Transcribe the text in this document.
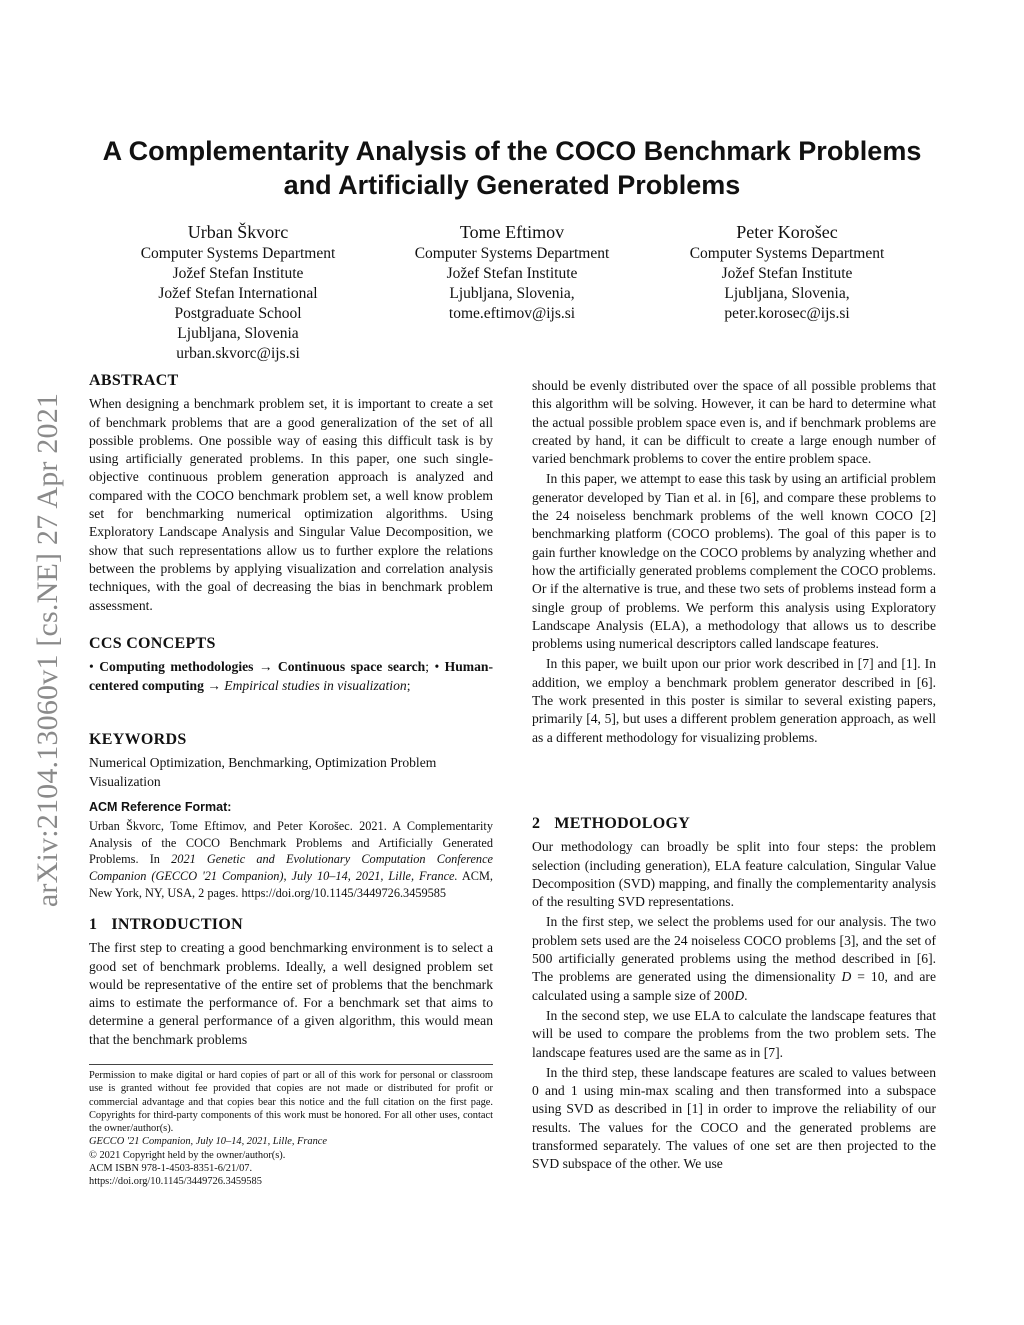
arXiv:2104.13060v1 [cs.NE] 27 Apr 2021
A Complementarity Analysis of the COCO Benchmark Problems
and Artificially Generated Problems
Urban Škvorc
Computer Systems Department
Jožef Stefan Institute
Jožef Stefan International
Postgraduate School
Ljubljana, Slovenia
urban.skvorc@ijs.si
Tome Eftimov
Computer Systems Department
Jožef Stefan Institute
Ljubljana, Slovenia,
tome.eftimov@ijs.si
Peter Korošec
Computer Systems Department
Jožef Stefan Institute
Ljubljana, Slovenia,
peter.korosec@ijs.si
ABSTRACT

When designing a benchmark problem set, it is important to create a set of benchmark problems that are a good generalization of the set of all possible problems. One possible way of easing this difficult task is by using artificially generated problems. In this paper, one such single-objective continuous problem generation approach is analyzed and compared with the COCO benchmark problem set, a well know problem set for benchmarking numerical optimization algorithms. Using Exploratory Landscape Analysis and Singular Value Decomposition, we show that such representations allow us to further explore the relations between the problems by applying visualization and correlation analysis techniques, with the goal of decreasing the bias in benchmark problem assessment.

CCS CONCEPTS

• Computing methodologies → Continuous space search; • Human-centered computing → Empirical studies in visualization;

KEYWORDS

Numerical Optimization, Benchmarking, Optimization Problem Visualization

ACM Reference Format:

Urban Škvorc, Tome Eftimov, and Peter Korošec. 2021. A Complementarity Analysis of the COCO Benchmark Problems and Artificially Generated Problems. In 2021 Genetic and Evolutionary Computation Conference Companion (GECCO '21 Companion), July 10–14, 2021, Lille, France. ACM, New York, NY, USA, 2 pages. https://doi.org/10.1145/3449726.3459585

1 INTRODUCTION

The first step to creating a good benchmarking environment is to select a good set of benchmark problems. Ideally, a well designed problem set would be representative of the entire set of problems that the benchmark aims to estimate the performance of. For a benchmark set that aims to determine a general performance of a given algorithm, this would mean that the benchmark problems

Permission to make digital or hard copies of part or all of this work for personal or classroom use is granted without fee provided that copies are not made or distributed for profit or commercial advantage and that copies bear this notice and the full citation on the first page. Copyrights for third-party components of this work must be honored. For all other uses, contact the owner/author(s).

GECCO '21 Companion, July 10–14, 2021, Lille, France

© 2021 Copyright held by the owner/author(s).

ACM ISBN 978-1-4503-8351-6/21/07.

https://doi.org/10.1145/3449726.3459585

should be evenly distributed over the space of all possible problems that this algorithm will be solving. However, it can be hard to determine what the actual possible problem space even is, and if benchmark problems are created by hand, it can be difficult to create a large enough number of varied benchmark problems to cover the entire problem space.

In this paper, we attempt to ease this task by using an artificial problem generator developed by Tian et al. in [6], and compare these problems to the 24 noiseless benchmark problems of the well known COCO [2] benchmarking platform (COCO problems). The goal of this paper is to gain further knowledge on the COCO problems by analyzing whether and how the artificially generated problems complement the COCO problems. Or if the alternative is true, and these two sets of problems instead form a single group of problems. We perform this analysis using Exploratory Landscape Analysis (ELA), a methodology that allows us to describe problems using numerical descriptors called landscape features.

In this paper, we built upon our prior work described in [7] and [1]. In addition, we employ a benchmark problem generator described in [6]. The work presented in this poster is similar to several existing papers, primarily [4, 5], but uses a different problem generation approach, as well as a different methodology for visualizing problems.

2 METHODOLOGY

Our methodology can broadly be split into four steps: the problem selection (including generation), ELA feature calculation, Singular Value Decomposition (SVD) mapping, and finally the complementarity analysis of the resulting SVD representations.

In the first step, we select the problems used for our analysis. The two problem sets used are the 24 noiseless COCO problems [3], and the set of 500 artificially generated problems using the method described in [6]. The problems are generated using the dimensionality D = 10, and are calculated using a sample size of 200D.

In the second step, we use ELA to calculate the landscape features that will be used to compare the problems from the two problem sets. The landscape features used are the same as in [7].

In the third step, these landscape features are scaled to values between 0 and 1 using min-max scaling and then transformed into a subspace using SVD as described in [1] in order to improve the reliability of our results. The values for the COCO and the generated problems are transformed separately. The values of one set are then projected to the SVD subspace of the other. We use
